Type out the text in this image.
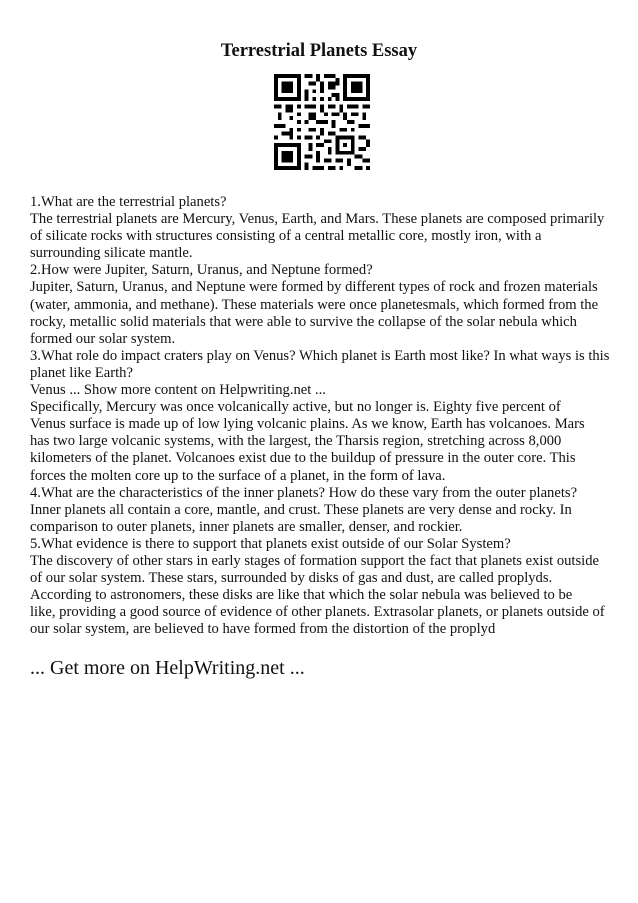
Terrestrial Planets Essay
1.What are the terrestrial planets?
The terrestrial planets are Mercury, Venus, Earth, and Mars. These planets are composed primarily
of silicate rocks with structures consisting of a central metallic core, mostly iron, with a
surrounding silicate mantle.
2.How were Jupiter, Saturn, Uranus, and Neptune formed?
Jupiter, Saturn, Uranus, and Neptune were formed by different types of rock and frozen materials
(water, ammonia, and methane). These materials were once planetesmals, which formed from the
rocky, metallic solid materials that were able to survive the collapse of the solar nebula which
formed our solar system.
3.What role do impact craters play on Venus? Which planet is Earth most like? In what ways is this
planet like Earth?
Venus ... Show more content on Helpwriting.net ...
Specifically, Mercury was once volcanically active, but no longer is. Eighty five percent of
Venus surface is made up of low lying volcanic plains. As we know, Earth has volcanoes. Mars
has two large volcanic systems, with the largest, the Tharsis region, stretching across 8,000
kilometers of the planet. Volcanoes exist due to the buildup of pressure in the outer core. This
forces the molten core up to the surface of a planet, in the form of lava.
4.What are the characteristics of the inner planets? How do these vary from the outer planets?
Inner planets all contain a core, mantle, and crust. These planets are very dense and rocky. In
comparison to outer planets, inner planets are smaller, denser, and rockier.
5.What evidence is there to support that planets exist outside of our Solar System?
The discovery of other stars in early stages of formation support the fact that planets exist outside
of our solar system. These stars, surrounded by disks of gas and dust, are called proplyds.
According to astronomers, these disks are like that which the solar nebula was believed to be
like, providing a good source of evidence of other planets. Extrasolar planets, or planets outside of
our solar system, are believed to have formed from the distortion of the proplyd
... Get more on HelpWriting.net ...
